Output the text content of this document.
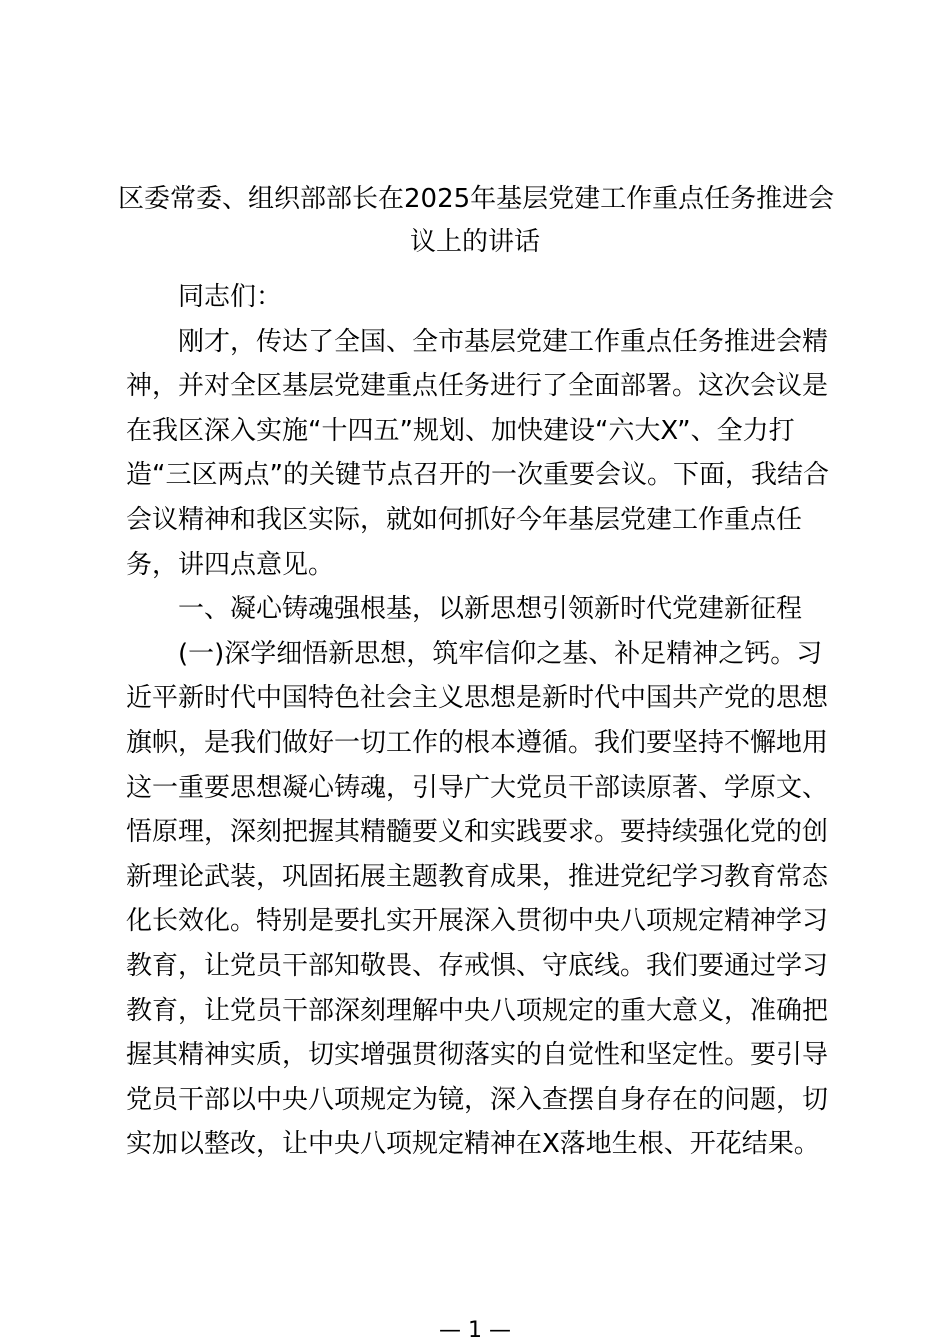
区委常委、组织部部长在2025年基层党建工作重点任务推进会
议上的讲话
同志们：
刚才，传达了全国、全市基层党建工作重点任务推进会精
神，并对全区基层党建重点任务进行了全面部署。这次会议是
在我区深入实施“十四五”规划、加快建设“六大X”、全力打
造“三区两点”的关键节点召开的一次重要会议。下面，我结合
会议精神和我区实际，就如何抓好今年基层党建工作重点任
务，讲四点意见。
一、凝心铸魂强根基，以新思想引领新时代党建新征程
(一)深学细悟新思想，筑牢信仰之基、补足精神之钙。习
近平新时代中国特色社会主义思想是新时代中国共产党的思想
旗帜，是我们做好一切工作的根本遵循。我们要坚持不懈地用
这一重要思想凝心铸魂，引导广大党员干部读原著、学原文、
悟原理，深刻把握其精髓要义和实践要求。要持续强化党的创
新理论武装，巩固拓展主题教育成果，推进党纪学习教育常态
化长效化。特别是要扎实开展深入贯彻中央八项规定精神学习
教育，让党员干部知敬畏、存戒惧、守底线。我们要通过学习
教育，让党员干部深刻理解中央八项规定的重大意义，准确把
握其精神实质，切实增强贯彻落实的自觉性和坚定性。要引导
党员干部以中央八项规定为镜，深入查摆自身存在的问题，切
实加以整改，让中央八项规定精神在X落地生根、开花结果。
— 1 —
